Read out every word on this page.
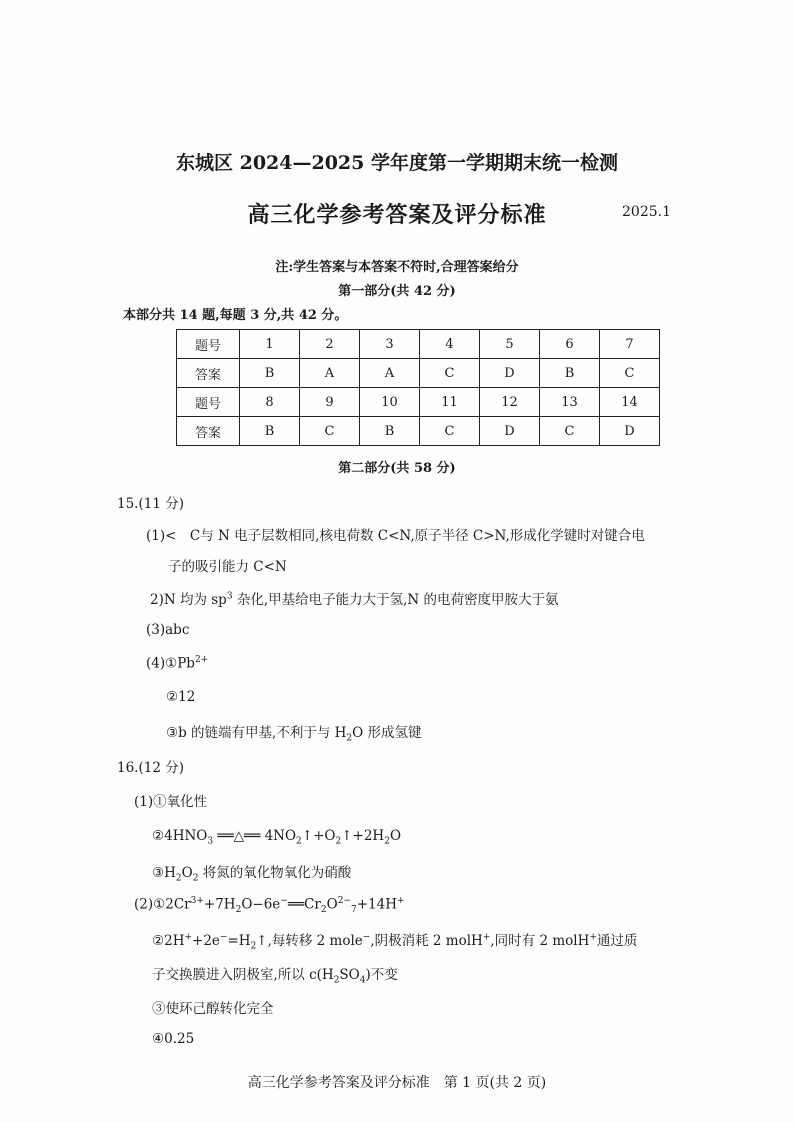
东城区 2024—2025 学年度第一学期期末统一检测
高三化学参考答案及评分标准	2025.1
注:学生答案与本答案不符时,合理答案给分
第一部分(共 42 分)
本部分共 14 题,每题 3 分,共 42 分。
题号	1	2	3	4	5	6	7
答案	B	A	A	C	D	B	C
题号	8	9	10	11	12	13	14
答案	B	C	B	C	D	C	D
第二部分(共 58 分)
15.(11 分)
(1)<　C与 N 电子层数相同,核电荷数 C<N,原子半径 C>N,形成化学键时对键合电
子的吸引能力 C<N
2)N 均为 $sp^3$ 杂化,甲基给电子能力大于氢,N 的电荷密度甲胺大于氨
(3)abc
$(4)①Pb^{2+}$
②12
③b 的链端有甲基,不利于与 $H_2O$ 形成氢键
16.(12 分)
(1)①氧化性
$②4HNO_3$ ══△══ $4NO_2↑+O_2↑+2H_2O$
$③H_2O_2$ 将氮的氧化物氧化为硝酸
$(2)①2Cr^{3+}+7H_2O-6e^-══Cr_2O^{2-}_7+14H^+$
$②2H^++2e^-=H_2↑$,每转移 2 mole−,阴极消耗 2 molH+,同时有 2 molH+通过质
子交换膜进入阴极室,所以 $c(H_2SO_4)$不变
③使环己醇转化完全
④0.25
高三化学参考答案及评分标准　第 1 页(共 2 页)
